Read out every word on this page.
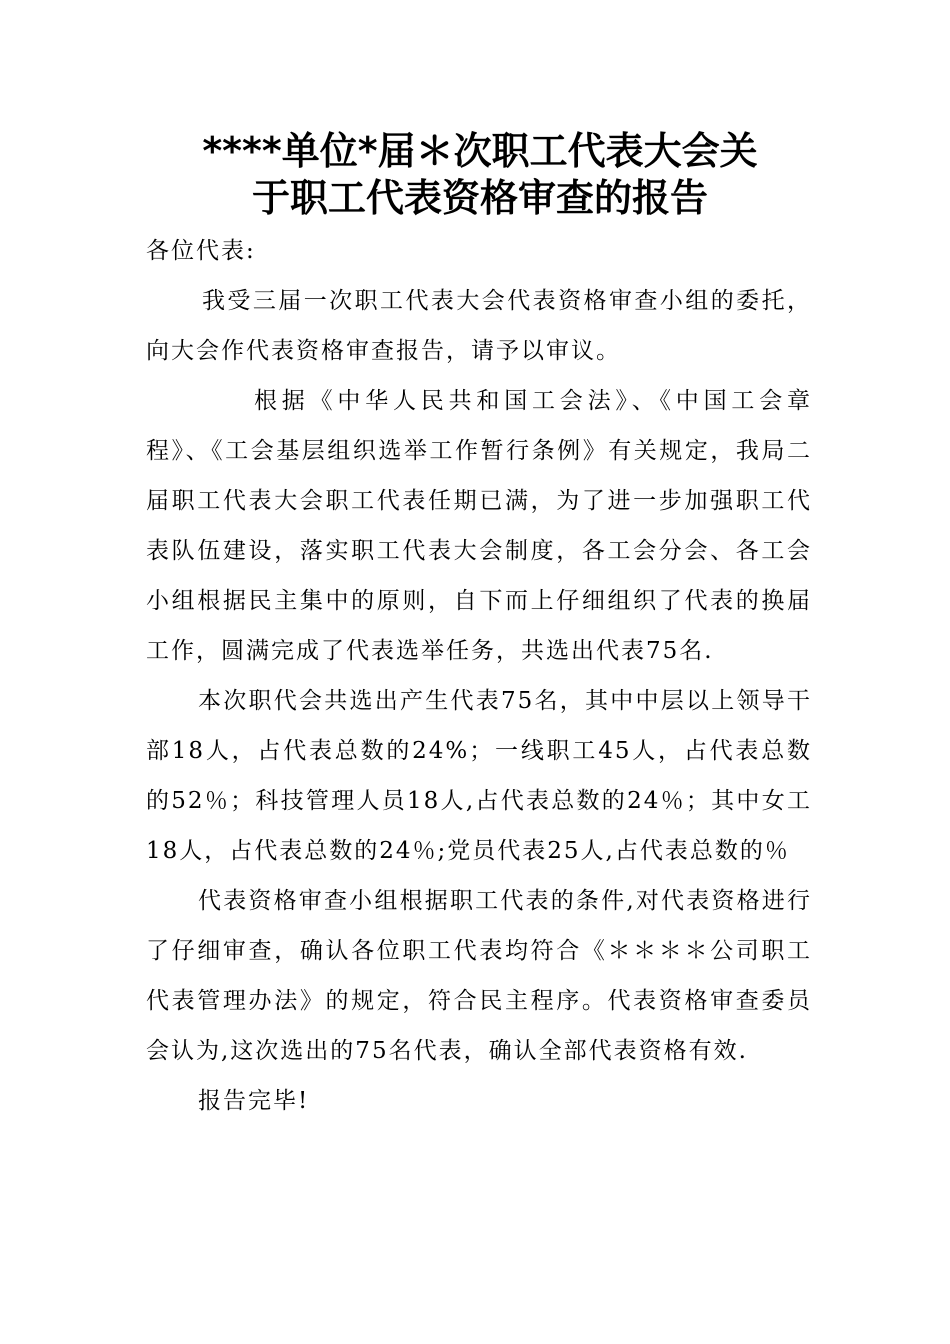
****单位*届＊次职工代表大会关
于职工代表资格审查的报告

各位代表:

我受三届一次职工代表大会代表资格审查小组的委托，向大会作代表资格审查报告，请予以审议。

根据《中华人民共和国工会法》、《中国工会章程》、《工会基层组织选举工作暂行条例》有关规定，我局二届职工代表大会职工代表任期已满，为了进一步加强职工代表队伍建设，落实职工代表大会制度，各工会分会、各工会小组根据民主集中的原则，自下而上仔细组织了代表的换届工作，圆满完成了代表选举任务，共选出代表75名.

本次职代会共选出产生代表75名，其中中层以上领导干部18人，占代表总数的24%；一线职工45人，占代表总数的52％；科技管理人员18人,占代表总数的24％；其中女工18人，占代表总数的24％;党员代表25人,占代表总数的％

代表资格审查小组根据职工代表的条件,对代表资格进行了仔细审查，确认各位职工代表均符合《＊＊＊＊公司职工代表管理办法》的规定，符合民主程序。代表资格审查委员会认为,这次选出的75名代表，确认全部代表资格有效.

报告完毕!
